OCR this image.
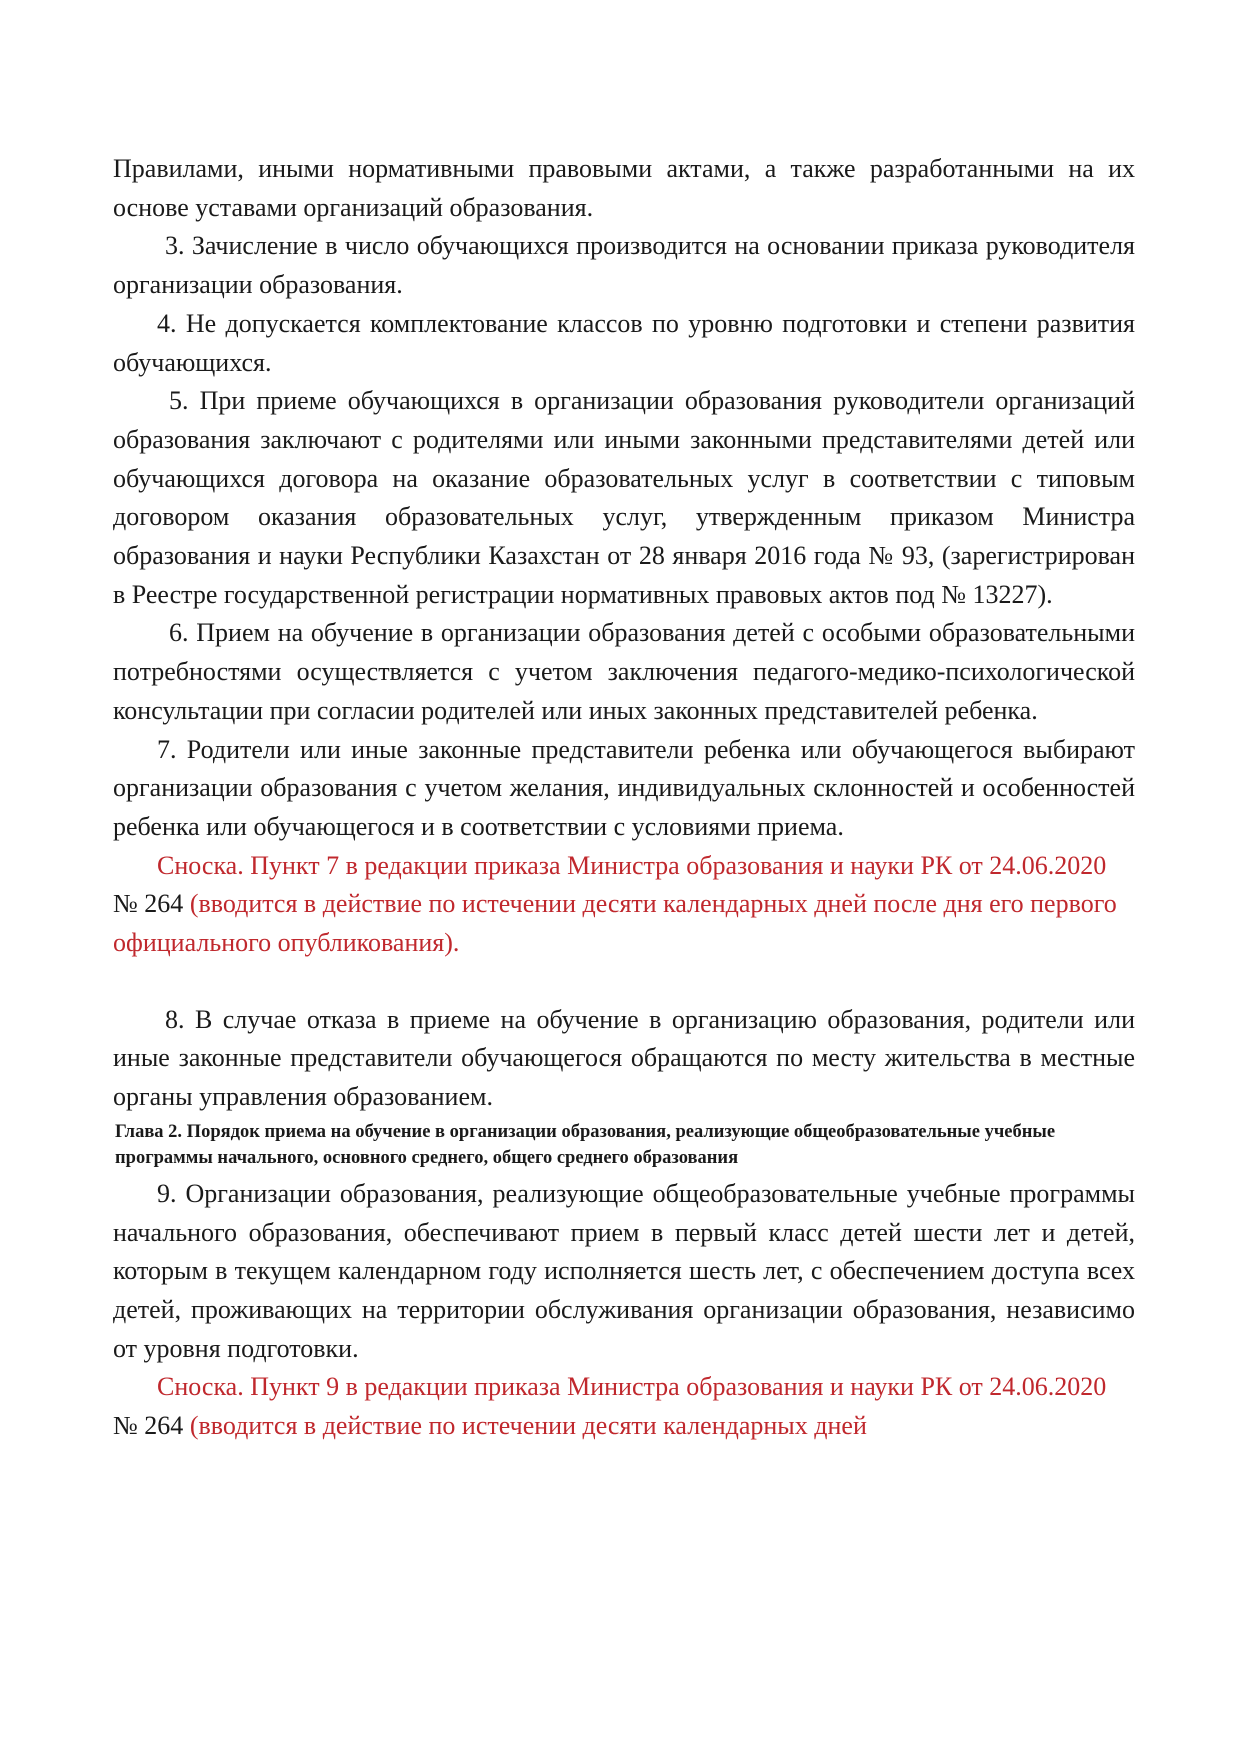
Правилами, иными нормативными правовыми актами, а также разработанными на их основе уставами организаций образования.

3. Зачисление в число обучающихся производится на основании приказа руководителя организации образования.

4. Не допускается комплектование классов по уровню подготовки и степени развития обучающихся.

5. При приеме обучающихся в организации образования руководители организаций образования заключают с родителями или иными законными представителями детей или обучающихся договора на оказание образовательных услуг в соответствии с типовым договором оказания образовательных услуг, утвержденным приказом Министра образования и науки Республики Казахстан от 28 января 2016 года № 93, (зарегистрирован в Реестре государственной регистрации нормативных правовых актов под № 13227).

6. Прием на обучение в организации образования детей с особыми образовательными потребностями осуществляется с учетом заключения педагого-медико-психологической консультации при согласии родителей или иных законных представителей ребенка.

7. Родители или иные законные представители ребенка или обучающегося выбирают организации образования с учетом желания, индивидуальных склонностей и особенностей ребенка или обучающегося и в соответствии с условиями приема.

Сноска. Пункт 7 в редакции приказа Министра образования и науки РК от 24.06.2020 № 264 (вводится в действие по истечении десяти календарных дней после дня его первого официального опубликования).

8. В случае отказа в приеме на обучение в организацию образования, родители или иные законные представители обучающегося обращаются по месту жительства в местные органы управления образованием.

Глава 2. Порядок приема на обучение в организации образования, реализующие общеобразовательные учебные программы начального, основного среднего, общего среднего образования

9. Организации образования, реализующие общеобразовательные учебные программы начального образования, обеспечивают прием в первый класс детей шести лет и детей, которым в текущем календарном году исполняется шесть лет, с обеспечением доступа всех детей, проживающих на территории обслуживания организации образования, независимо от уровня подготовки.

Сноска. Пункт 9 в редакции приказа Министра образования и науки РК от 24.06.2020 № 264 (вводится в действие по истечении десяти календарных дней
